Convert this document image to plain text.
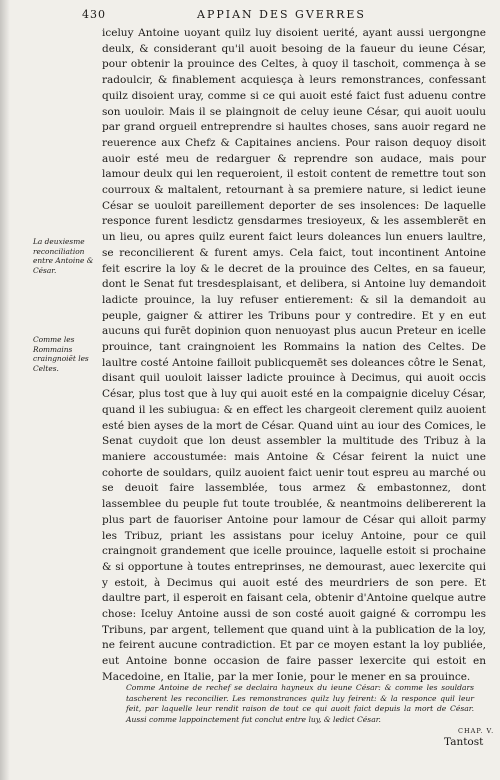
430	APPIAN DES GVERRES

iceluy Antoine uoyant quilz luy disoient uerité, ayant aussi uergongne deulx, & considerant qu'il auoit besoing de la faueur du ieune César, pour obtenir la prouince des Celtes, à quoy il taschoit, commença à se radoulcir, & finablement acquiesça à leurs remonstrances, confessant quilz disoient uray, comme si ce qui auoit esté faict fust aduenu contre son uouloir. Mais il se plaingnoit de celuy ieune César, qui auoit uoulu par grand orgueil entreprendre si haultes choses, sans auoir regard ne reuerence aux Chefz & Capitaines anciens. Pour raison dequoy disoit auoir esté meu de redarguer & reprendre son audace, mais pour lamour deulx qui len requeroient, il estoit content de remettre tout son courroux & maltalent, retournant à sa premiere nature, si ledict ieune César se uouloit pareillement deporter de ses insolences: De laquelle responce furent lesdictz gensdarmes tresioyeux, & les assemblerēt en un lieu, ou apres quilz eurent faict leurs doleances lun enuers laultre, se reconcilierent & furent amys. Cela faict, tout incontinent Antoine feit escrire la loy & le decret de la prouince des Celtes, en sa faueur, dont le Senat fut tresdesplaisant, et delibera, si Antoine luy demandoit ladicte prouince, la luy refuser entierement: & sil la demandoit au peuple, gaigner & attirer les Tribuns pour y contredire. Et y en eut aucuns qui furēt dopinion quon nenuoyast plus aucun Preteur en icelle prouince, tant craingnoient les Rommains la nation des Celtes. De laultre costé Antoine failloit publicquemēt ses doleances côtre le Senat, disant quil uouloit laisser ladicte prouince à Decimus, qui auoit occis César, plus tost que à luy qui auoit esté en la compaignie diceluy César, quand il les subiugua: & en effect les chargeoit clerement quilz auoient esté bien ayses de la mort de César. Quand uint au iour des Comices, le Senat cuydoit que lon deust assembler la multitude des Tribuz à la maniere accoustumée: mais Antoine & César feirent la nuict une cohorte de souldars, quilz auoient faict uenir tout espreu au marché ou se deuoit faire lassemblée, tous armez & embastonnez, dont lassemblee du peuple fut toute troublée, & neantmoins delibererent la plus part de fauoriser Antoine pour lamour de César qui alloit parmy les Tribuz, priant les assistans pour iceluy Antoine, pour ce quil craingnoit grandement que icelle prouince, laquelle estoit si prochaine & si opportune à toutes entreprinses, ne demourast, auec lexercite qui y estoit, à Decimus qui auoit esté des meurdriers de son pere. Et daultre part, il esperoit en faisant cela, obtenir d'Antoine quelque autre chose: Iceluy Antoine aussi de son costé auoit gaigné & corrompu les Tribuns, par argent, tellement que quand uint à la publication de la loy, ne feirent aucune contradiction. Et par ce moyen estant la loy publiée, eut Antoine bonne occasion de faire passer lexercite qui estoit en Macedoine, en Italie, par la mer Ionie, pour le mener en sa prouince.

La deuxiesme reconciliation entre Antoine & César.
Comme les Rommains craingnoiēt les Celtes.

Comme Antoine de rechef se declaira hayneux du ieune César: & comme les souldars tascherent les reconcilier. Les remonstrances quilz luy feirent: & la responce quil leur feit, par laquelle leur rendit raison de tout ce qui auoit faict depuis la mort de César. Aussi comme lappoinctement fut conclut entre luy, & ledict César.

CHAP. V.
Tantost
